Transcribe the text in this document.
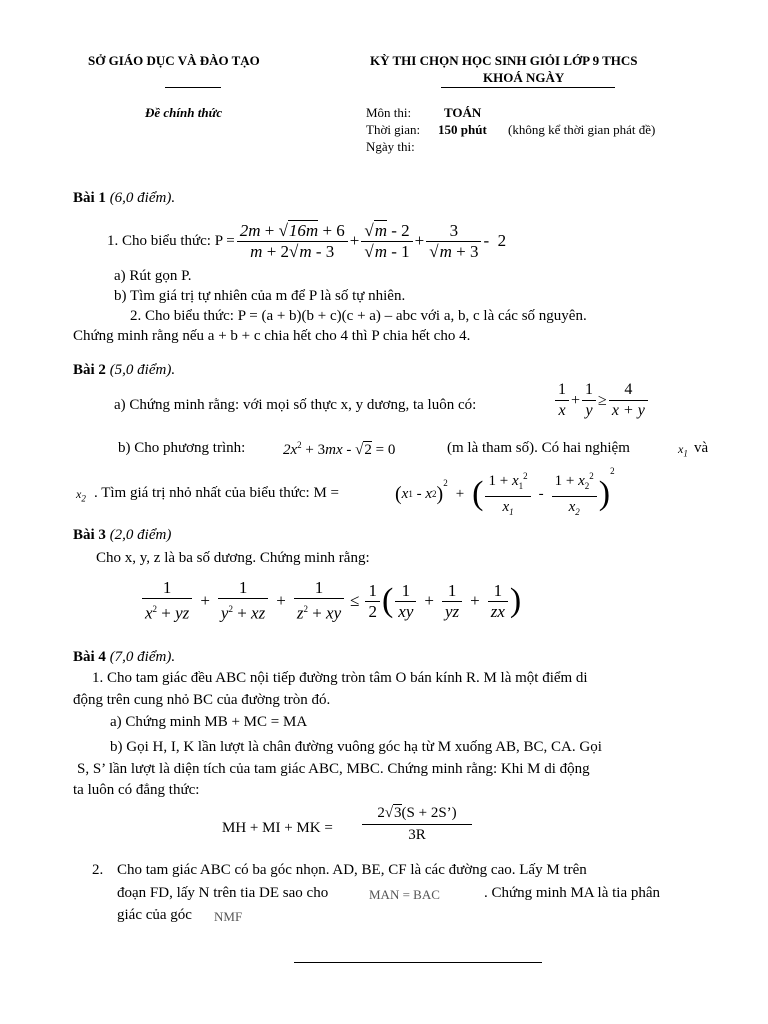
SỞ GIÁO DỤC VÀ ĐÀO TẠO	KỲ THI CHỌN HỌC SINH GIỎI LỚP 9 THCS
KHOÁ NGÀY
Đề chính thức	Môn thi:	TOÁN
Thời gian: 150 phút (không kể thời gian phát đề)
Ngày thi:
Bài 1 (6,0 điểm).
1. Cho biểu thức: $P = \frac{2m + √16m + 6}{m + 2√m - 3} + \frac{√m - 2}{√m - 1} + \frac{3}{√m + 3} - 2$
a) Rút gọn P.
b) Tìm giá trị tự nhiên của m để P là số tự nhiên.
2. Cho biểu thức: P = (a + b)(b + c)(c + a) – abc với a, b, c là các số nguyên.
Chứng minh rằng nếu a + b + c chia hết cho 4 thì P chia hết cho 4.
Bài 2 (5,0 điểm).
a) Chứng minh rằng: với mọi số thực x, y dương, ta luôn có:	$\frac{1}{x} + \frac{1}{y} \ge \frac{4}{x + y}$
b) Cho phương trình:	$2x^2 + 3mx - √2 = 0$	(m là tham số). Có hai nghiệm	$x_1$ và
$x_2$ . Tìm giá trị nhỏ nhất của biểu thức: M =	( x 1 - x 2 )$^2$
+ ( $\frac{1 + x_1^2}{x_1} - \frac{1 + x_2^2}{x_2}$ )
$^2$
Bài 3 (2,0 điểm)
Cho x, y, z là ba số dương. Chứng minh rằng:
$\frac{1}{x^2 + yz} + \frac{1}{y^2 + xz} + \frac{1}{z^2 + xy} \le \frac{1}{2}$ ( $\frac{1}{xy} + \frac{1}{yz} + \frac{1}{zx}$ )
Bài 4 (7,0 điểm).
1. Cho tam giác đều ABC nội tiếp đường tròn tâm O bán kính R. M là một điểm di
động trên cung nhỏ BC của đường tròn đó.
a) Chứng minh MB + MC = MA
b) Gọi H, I, K lần lượt là chân đường vuông góc hạ từ M xuống AB, BC, CA. Gọi
S, S’ lần lượt là diện tích của tam giác ABC, MBC. Chứng minh rằng: Khi M di động
ta luôn có đẳng thức:
MH + MI + MK =
2√3(S + 2S’)
3R
2. Cho tam giác ABC có ba góc nhọn. AD, BE, CF là các đường cao. Lấy M trên
đoạn FD, lấy N trên tia DE sao cho	MAN = BAC	. Chứng minh MA là tia phân
giác của góc NMF
